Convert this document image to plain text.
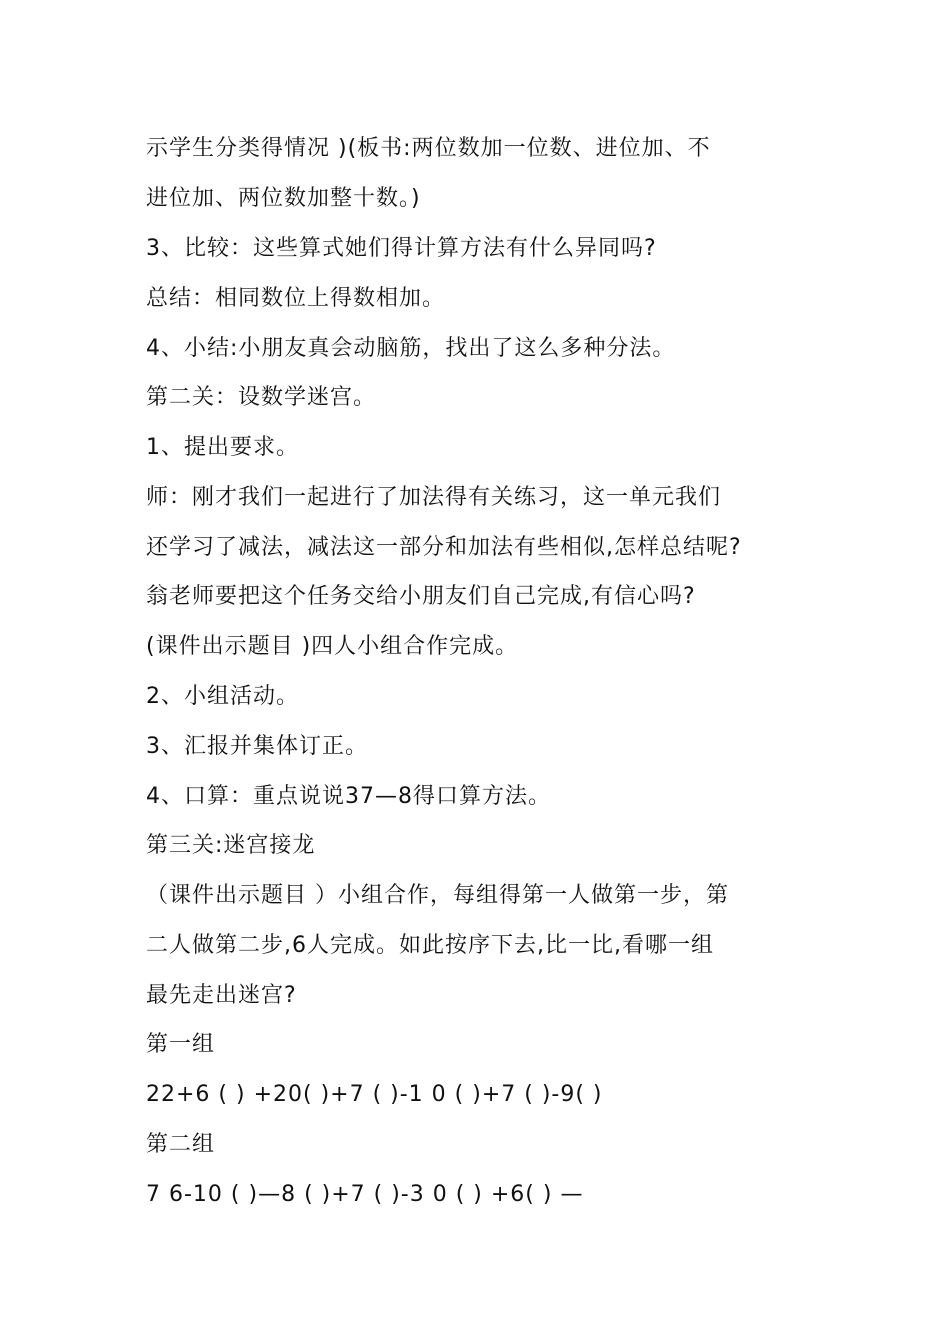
示学生分类得情况 )(板书:两位数加一位数、进位加、不
进位加、两位数加整十数。)
3、比较：这些算式她们得计算方法有什么异同吗?
总结：相同数位上得数相加。
4、小结:小朋友真会动脑筋，找出了这么多种分法。
第二关：设数学迷宫。
1、提出要求。
师：刚才我们一起进行了加法得有关练习，这一单元我们
还学习了减法，减法这一部分和加法有些相似,怎样总结呢?
翁老师要把这个任务交给小朋友们自己完成,有信心吗?
(课件出示题目 )四人小组合作完成。
2、小组活动。
3、汇报并集体订正。
4、口算：重点说说37—8得口算方法。
第三关:迷宫接龙
（课件出示题目 ）小组合作，每组得第一人做第一步，第
二人做第二步,6人完成。如此按序下去,比一比,看哪一组
最先走出迷宫?
第一组
22+6 ( ) +20( )+7 ( )-1 0 ( )+7 ( )-9( )
第二组
7 6-10 ( )—8 ( )+7 ( )-3 0 ( ) +6( ) —
